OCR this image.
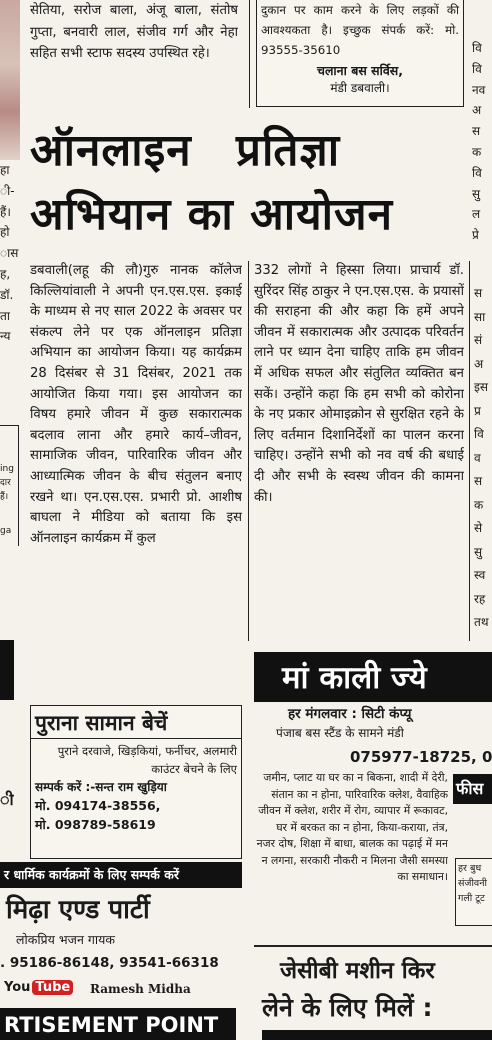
हा
ी-
हैं।
हो
ास
ह,
डॉ.
ता
न्य
ing
दार
हैं।
ga
ी

सेतिया, सरोज बाला, अंजू बाला, संतोष गुप्ता, बनवारी लाल, संजीव गर्ग और नेहा सहित सभी स्टाफ सदस्य उपस्थित रहे।

दुकान पर काम करने के लिए लड़कों की आवश्यकता है। इच्छुक संपर्क करें: मो. 93555-35610
चलाना बस सर्विस,
मंडी डबवाली।
वि
वि
नव
अ
स
क
वि
सु
ल
प्रे
ऑनलाइन प्रतिज्ञा
अभियान का आयोजन

डबवाली(लहू की लौ)गुरु नानक कॉलेज किल्लियांवाली ने अपनी एन.एस.एस. इकाई के माध्यम से नए साल 2022 के अवसर पर संकल्प लेने पर एक ऑनलाइन प्रतिज्ञा अभियान का आयोजन किया। यह कार्यक्रम 28 दिसंबर से 31 दिसंबर, 2021 तक आयोजित किया गया। इस आयोजन का विषय हमारे जीवन में कुछ सकारात्मक बदलाव लाना और हमारे कार्य–जीवन, सामाजिक जीवन, पारिवारिक जीवन और आध्यात्मिक जीवन के बीच संतुलन बनाए रखने था। एन.एस.एस. प्रभारी प्रो. आशीष बाघला ने मीडिया को बताया कि इस ऑनलाइन कार्यक्रम में कुल

332 लोगों ने हिस्सा लिया। प्राचार्य डॉ. सुरिंदर सिंह ठाकुर ने एन.एस.एस. के प्रयासों की सराहना की और कहा कि हमें अपने जीवन में सकारात्मक और उत्पादक परिवर्तन लाने पर ध्यान देना चाहिए ताकि हम जीवन में अधिक सफल और संतुलित व्यक्तित बन सकें। उन्होंने कहा कि हम सभी को कोरोना के नए प्रकार ओमाइक्रोन से सुरक्षित रहने के लिए वर्तमान दिशानिर्देशों का पालन करना चाहिए। उन्होंने सभी को नव वर्ष की बधाई दी और सभी के स्वस्थ जीवन की कामना की।

स
सा
सं
अ
इस
प्र
वि
व
स
क
से
सु
स्व
रह
तथ
पुराना सामान बेचें
पुराने दरवाजे, खिड़कियां, फर्नीचर, अलमारी काउंटर बेचने के लिए
सम्पर्क करें :-सन्त राम खुड़िया
मो. 094174-38556,
मो. 098789-58619
र धार्मिक कार्यक्रमों के लिए सम्पर्क करें
मिढ़ा एण्ड पार्टी
लोकप्रिय भजन गायक
. 95186-86148, 93541-66318
You Tube Ramesh Midha
RTISEMENT POINT
मां काली ज्ये
हर मंगलवार : सिटी कंप्यू
पंजाब बस स्टैंड के सामने मंडी
075977-18725, 0
जमीन, प्लाट या घर का न बिकना, शादी में देरी, संतान का न होना, पारिवारिक क्लेश, वैवाहिक जीवन में क्लेश, शरीर में रोग, व्यापार में रूकावट, घर में बरकत का न होना, किया-कराया, तंत्र, नजर दोष, शिक्षा में बाधा, बालक का पढ़ाई में मन न लगना, सरकारी नौकरी न मिलना जैसी समस्या का समाधान।
फीस
हर बुध संजीवनी गली टूट
जेसीबी मशीन किर
लेने के लिए मिलें :
